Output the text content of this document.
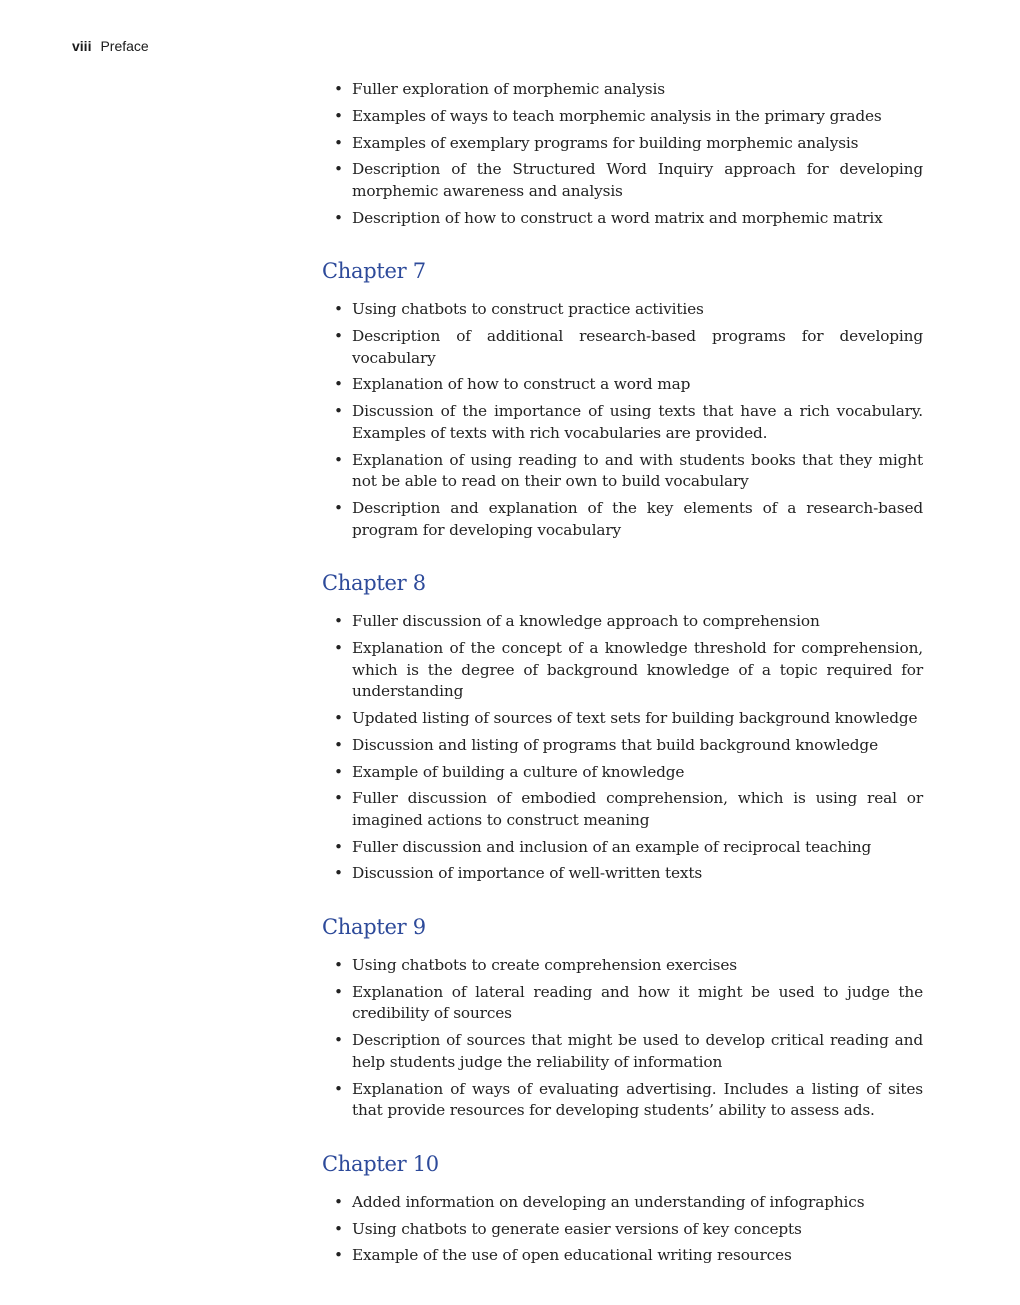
viii Preface
• Fuller exploration of morphemic analysis
• Examples of ways to teach morphemic analysis in the primary grades
• Examples of exemplary programs for building morphemic analysis
• Description of the Structured Word Inquiry approach for developing morphemic awareness and analysis
• Description of how to construct a word matrix and morphemic matrix
Chapter 7
• Using chatbots to construct practice activities
• Description of additional research-based programs for developing vocabulary
• Explanation of how to construct a word map
• Discussion of the importance of using texts that have a rich vocabulary. Examples of texts with rich vocabularies are provided.
• Explanation of using reading to and with students books that they might not be able to read on their own to build vocabulary
• Description and explanation of the key elements of a research-based program for developing vocabulary
Chapter 8
• Fuller discussion of a knowledge approach to comprehension
• Explanation of the concept of a knowledge threshold for comprehension, which is the degree of background knowledge of a topic required for understanding
• Updated listing of sources of text sets for building background knowledge
• Discussion and listing of programs that build background knowledge
• Example of building a culture of knowledge
• Fuller discussion of embodied comprehension, which is using real or imagined actions to construct meaning
• Fuller discussion and inclusion of an example of reciprocal teaching
• Discussion of importance of well-written texts
Chapter 9
• Using chatbots to create comprehension exercises
• Explanation of lateral reading and how it might be used to judge the credibility of sources
• Description of sources that might be used to develop critical reading and help students judge the reliability of information
• Explanation of ways of evaluating advertising. Includes a listing of sites that provide resources for developing students’ ability to assess ads.
Chapter 10
• Added information on developing an understanding of infographics
• Using chatbots to generate easier versions of key concepts
• Example of the use of open educational writing resources
